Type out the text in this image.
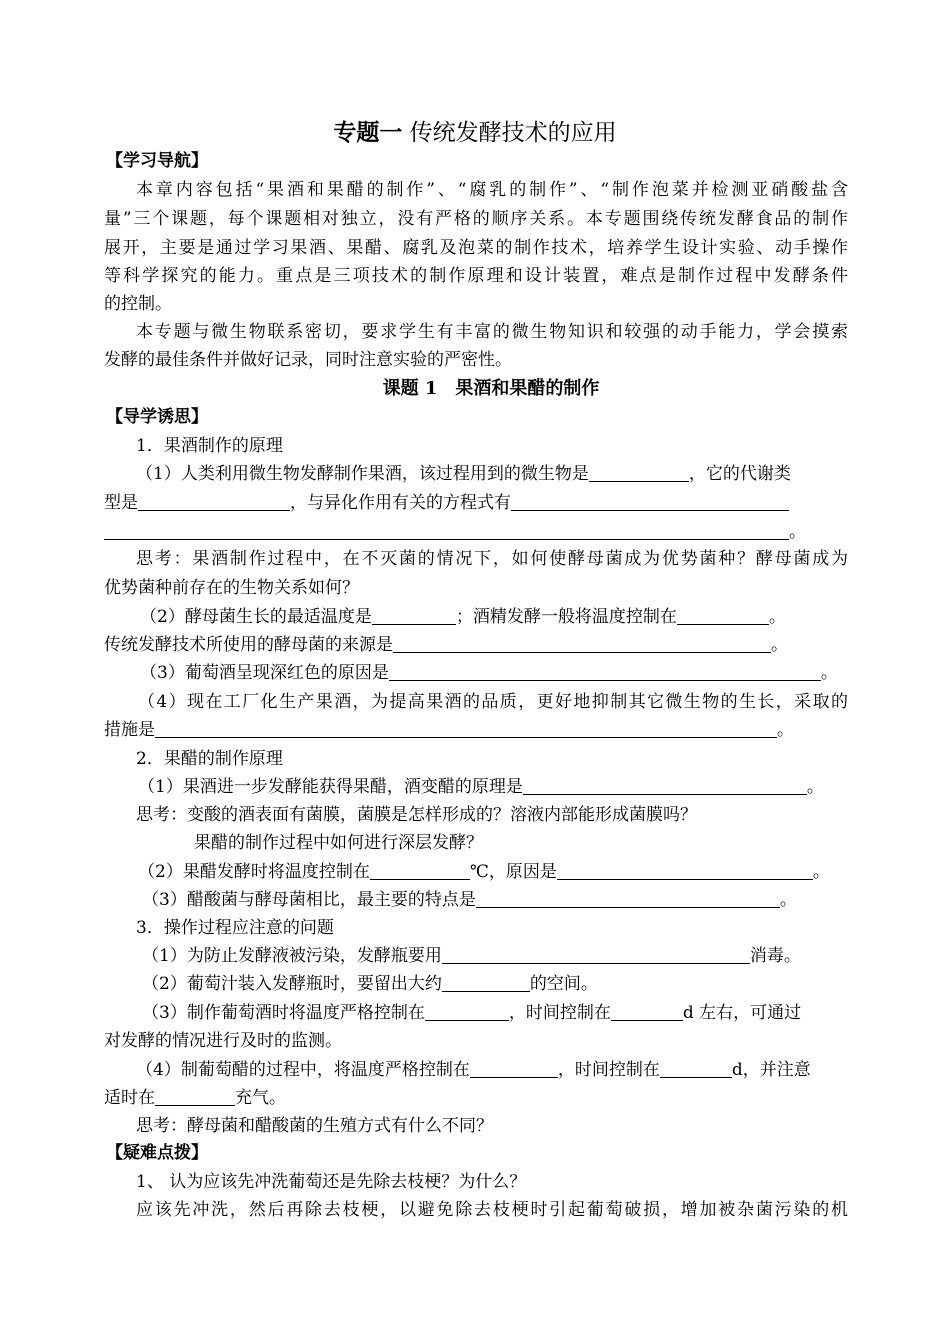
专题一 传统发酵技术的应用
【学习导航】
本章内容包括“果酒和果醋的制作”、“腐乳的制作”、“制作泡菜并检测亚硝酸盐含
量”三个课题，每个课题相对独立，没有严格的顺序关系。本专题围绕传统发酵食品的制作
展开，主要是通过学习果酒、果醋、腐乳及泡菜的制作技术，培养学生设计实验、动手操作
等科学探究的能力。重点是三项技术的制作原理和设计装置，难点是制作过程中发酵条件
的控制。
本专题与微生物联系密切，要求学生有丰富的微生物知识和较强的动手能力，学会摸索
发酵的最佳条件并做好记录，同时注意实验的严密性。
课题 1　果酒和果醋的制作
【导学诱思】
1．果酒制作的原理
（1）人类利用微生物发酵制作果酒，该过程用到的微生物是	，它的代谢类
型是	，与异化作用有关的方程式有
。
思考：果酒制作过程中，在不灭菌的情况下，如何使酵母菌成为优势菌种？酵母菌成为
优势菌种前存在的生物关系如何？
（2）酵母菌生长的最适温度是	；酒精发酵一般将温度控制在	。
传统发酵技术所使用的酵母菌的来源是	。
（3）葡萄酒呈现深红色的原因是	。
（4）现在工厂化生产果酒，为提高果酒的品质，更好地抑制其它微生物的生长，采取的
措施是	。
2．果醋的制作原理
（1）果酒进一步发酵能获得果醋，酒变醋的原理是	。
思考：变酸的酒表面有菌膜，菌膜是怎样形成的？溶液内部能形成菌膜吗？
果醋的制作过程中如何进行深层发酵？
（2）果醋发酵时将温度控制在	℃，原因是	。
（3）醋酸菌与酵母菌相比，最主要的特点是	。
3．操作过程应注意的问题
（1）为防止发酵液被污染，发酵瓶要用	消毒。
（2）葡萄汁装入发酵瓶时，要留出大约	的空间。
（3）制作葡萄酒时将温度严格控制在	，时间控制在	d 左右，可通过
对发酵的情况进行及时的监测。
（4）制葡萄醋的过程中，将温度严格控制在	，时间控制在	d，并注意
适时在	充气。
思考：酵母菌和醋酸菌的生殖方式有什么不同？
【疑难点拨】
1、 认为应该先冲洗葡萄还是先除去枝梗？为什么？
应该先冲洗，然后再除去枝梗，以避免除去枝梗时引起葡萄破损，增加被杂菌污染的机
